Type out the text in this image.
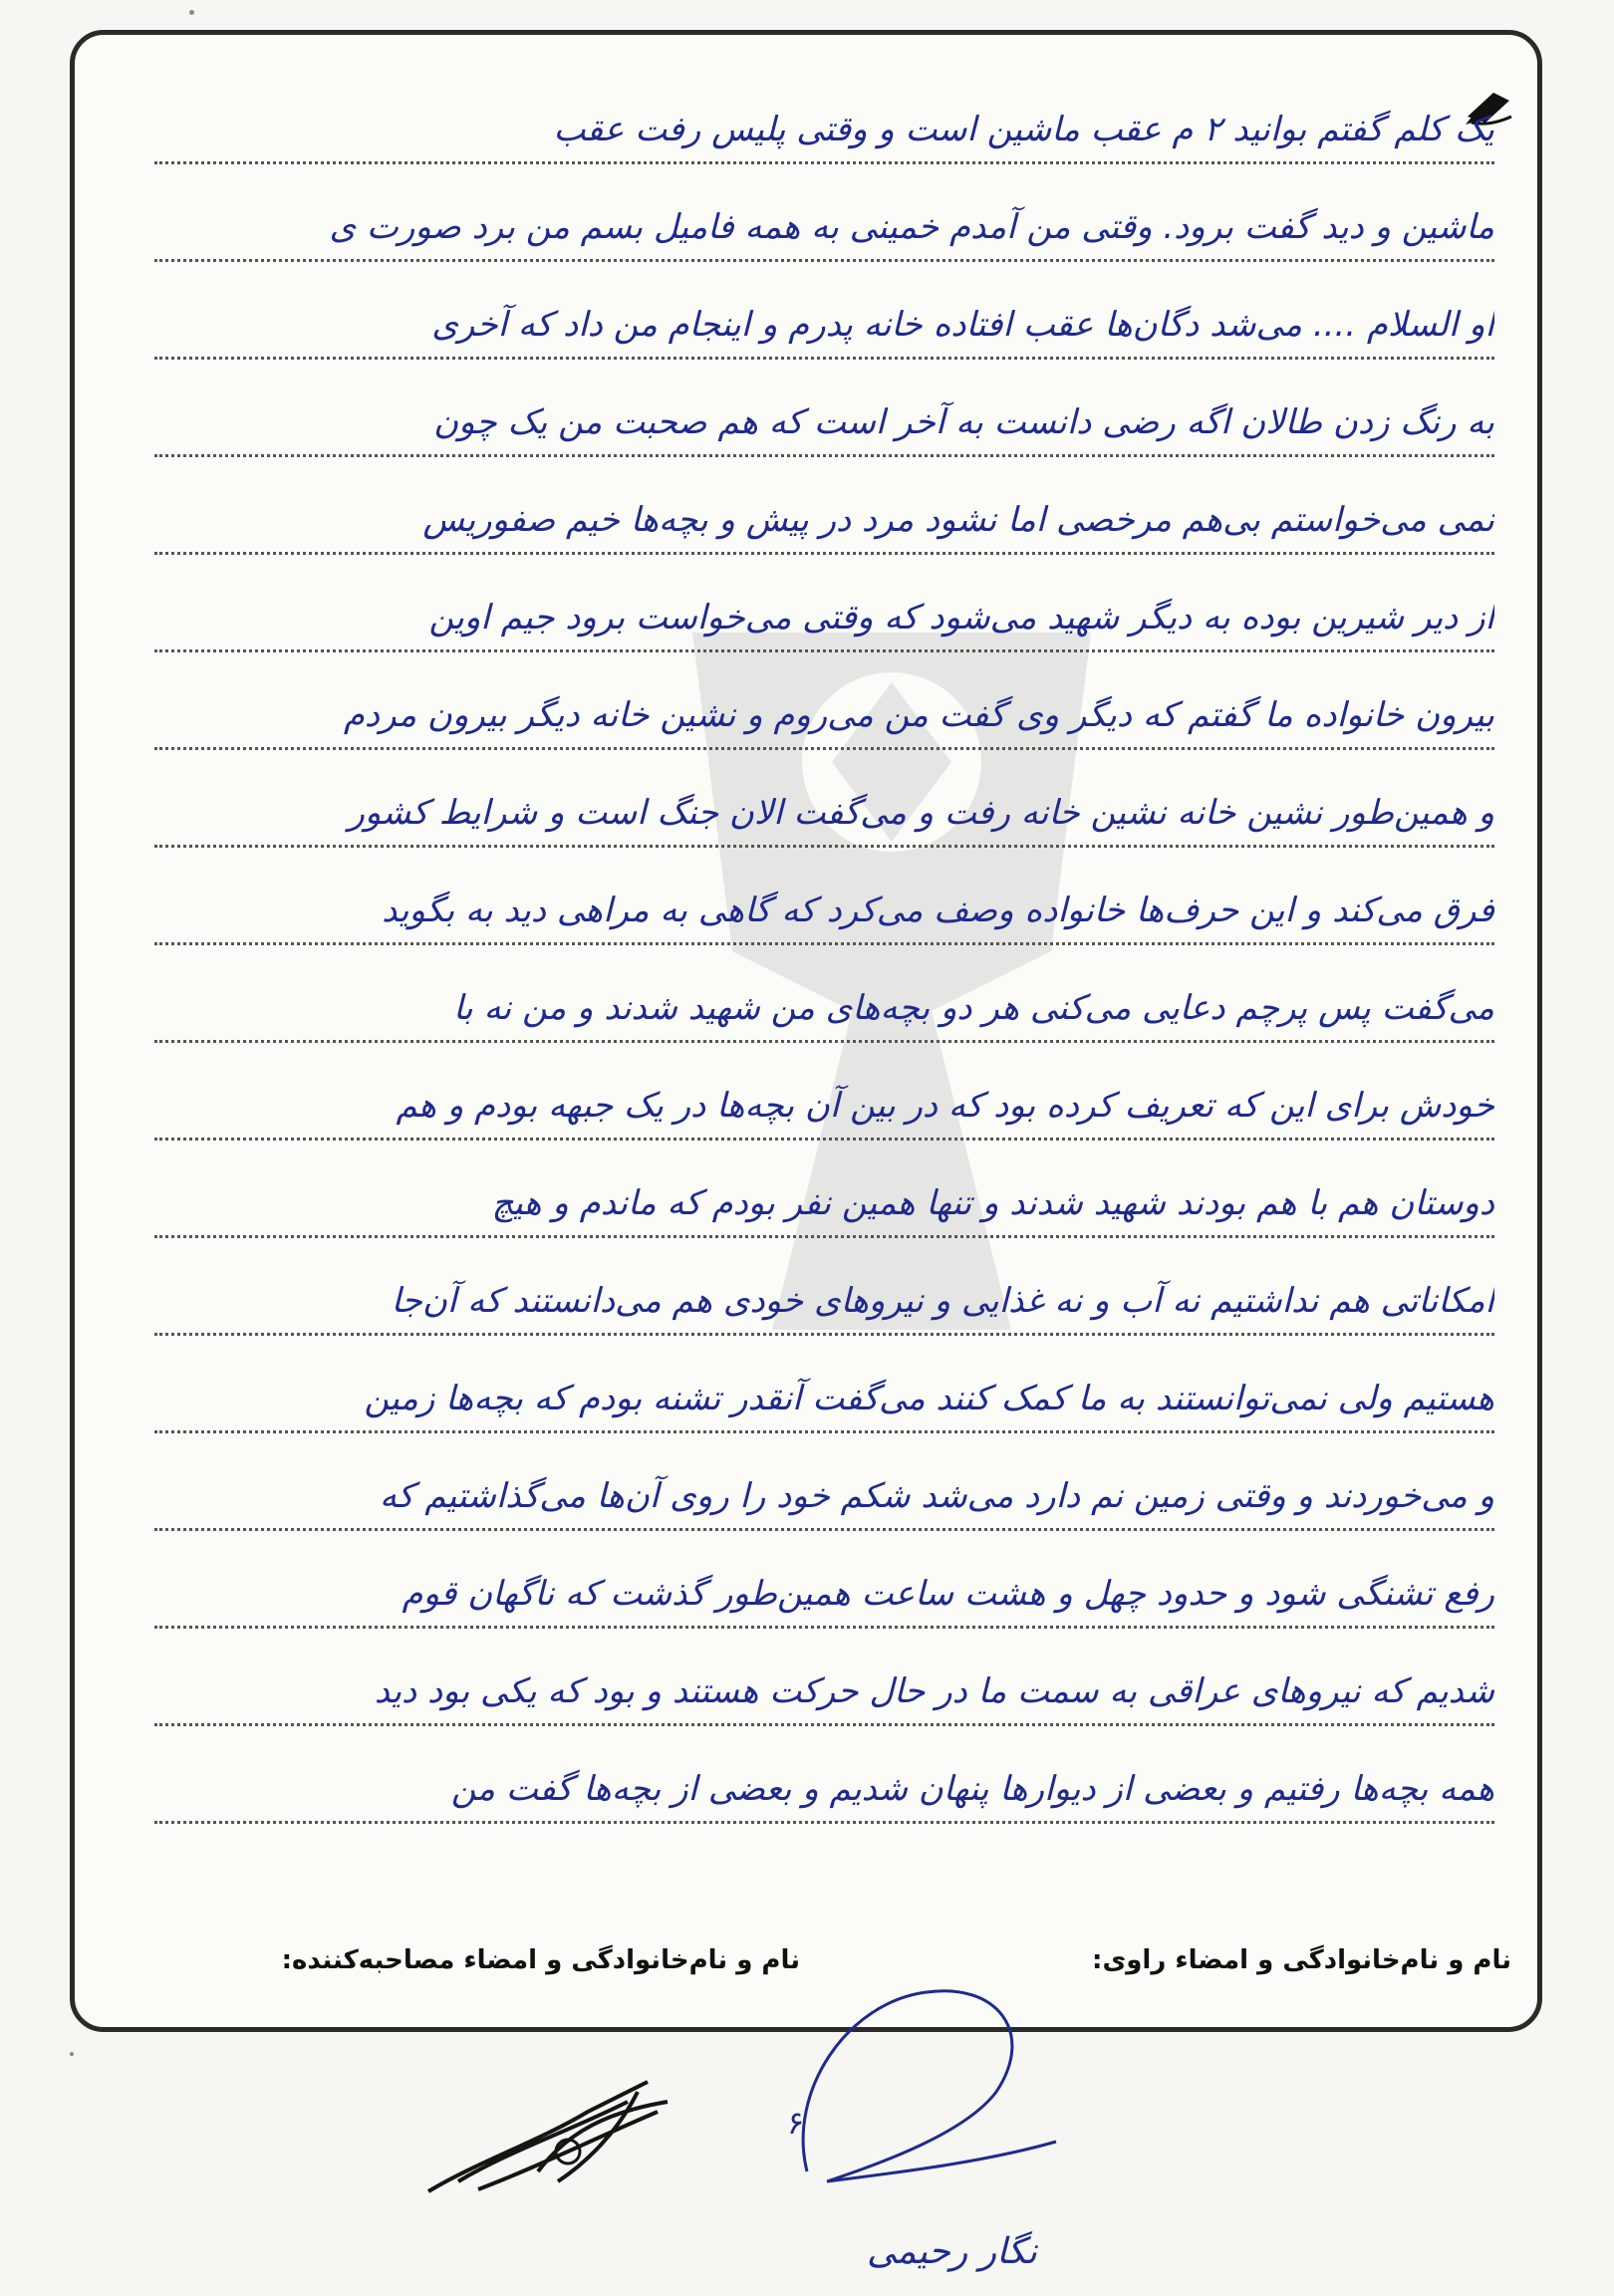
یک کلم گفتم بوانید ۲ م عقب ماشین است و وقتی پلیس رفت عقب
ماشین و دید گفت برود. وقتی من آمدم خمینی به همه فامیل بسم من برد صورت ی
او السلام .... می‌شد دگان‌ها عقب افتاده خانه پدرم و اینجام من داد که آخری
به رنگ زدن طالان اگه رضی دانست به آخر است که هم صحبت من یک چون
نمی می‌خواستم بی‌هم مرخصی اما نشود مرد در پیش و بچه‌ها خیم صفوریس
از دیر شیرین بوده به دیگر شهید می‌شود که وقتی می‌خواست برود جیم اوین
بیرون خانواده ما گفتم که دیگر وی گفت من می‌روم و نشین خانه دیگر بیرون مردم
و همین‌طور نشین خانه نشین خانه رفت و می‌گفت الان جنگ است و شرایط کشور
فرق می‌کند و این حرف‌ها خانواده وصف می‌کرد که گاهی به مراهی دید به بگوید
می‌گفت پس پرچم دعایی می‌کنی هر دو بچه‌های من شهید شدند و من نه با
خودش برای این که تعریف کرده بود که در بین آن بچه‌ها در یک جبهه بودم و هم
دوستان هم با هم بودند شهید شدند و تنها همین نفر بودم که ماندم و هیچ
امکاناتی هم نداشتیم نه آب و نه غذایی و نیروهای خودی هم می‌دانستند که آن‌جا
هستیم ولی نمی‌توانستند به ما کمک کنند می‌گفت آنقدر تشنه بودم که بچه‌ها زمین
و می‌خوردند و وقتی زمین نم دارد می‌شد شکم خود را روی آن‌ها می‌گذاشتیم که
رفع تشنگی شود و حدود چهل و هشت ساعت همین‌طور گذشت که ناگهان قوم
شدیم که نیروهای عراقی به سمت ما در حال حرکت هستند و بود که یکی بود دید
همه بچه‌ها رفتیم و بعضی از دیوارها پنهان شدیم و بعضی از بچه‌ها گفت من
نام و نام‌خانوادگی و امضاء راوی:
نام و نام‌خانوادگی و امضاء مصاحبه‌کننده:
۶
نگار رحیمی
